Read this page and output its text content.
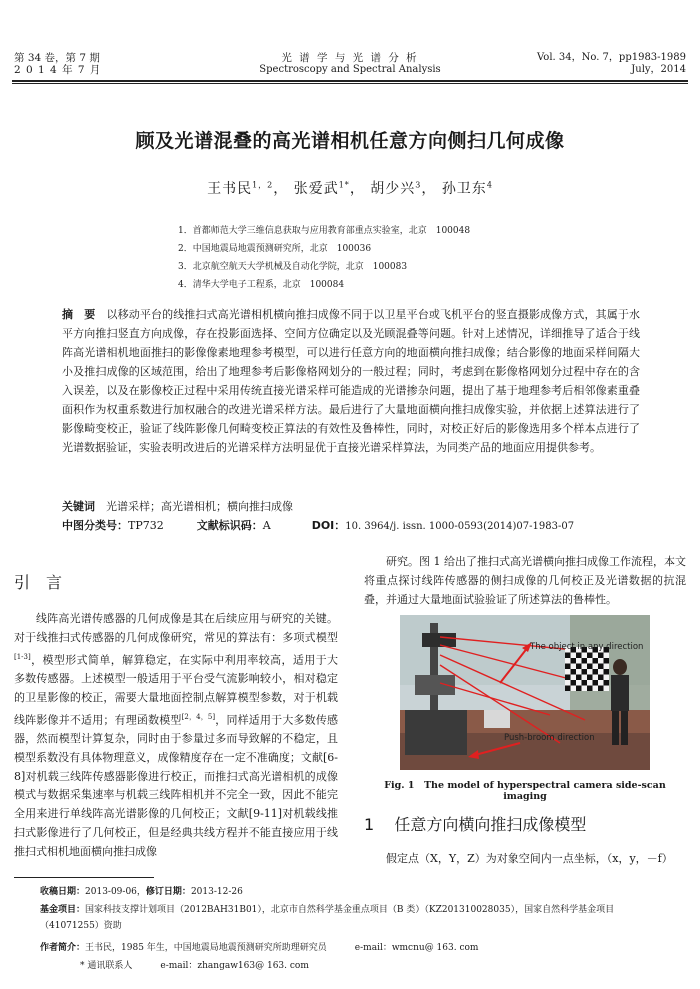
第 34 卷，第 7 期
2 0 1 4 年 7 月
光 谱 学 与 光 谱 分 析
Spectroscopy and Spectral Analysis
Vol. 34，No. 7，pp1983-1989
July，2014
顾及光谱混叠的高光谱相机任意方向侧扫几何成像
王书民$^{1,2}$， 张爱武$^{1*}$， 胡少兴$^3$， 孙卫东$^4$
1．首都师范大学三维信息获取与应用教育部重点实验室，北京　100048
2．中国地震局地震预测研究所，北京　100036
3．北京航空航天大学机械及自动化学院，北京　100083
4．清华大学电子工程系，北京　100084
摘　要　 以移动平台的线推扫式高光谱相机横向推扫成像不同于以卫星平台或飞机平台的竖直摄影成像方式，其属于水平方向推扫竖直方向成像，存在投影面选择、空间方位确定以及光顾混叠等问题。针对上述情况，详细推导了适合于线阵高光谱相机地面推扫的影像像素地理参考模型，可以进行任意方向的地面横向推扫成像；结合影像的地面采样间隔大小及推扫成像的区域范围，给出了地理参考后影像格网划分的一般过程；同时，考虑到在影像格网划分过程中存在的含入误差，以及在影像校正过程中采用传统直接光谱采样可能造成的光谱掺杂问题，提出了基于地理参考后相邻像素重叠面积作为权重系数进行加权融合的改进光谱采样方法。最后进行了大量地面横向推扫成像实验，并依据上述算法进行了影像畸变校正，验证了线阵影像几何畸变校正算法的有效性及鲁棒性，同时，对校正好后的影像选用多个样本点进行了光谱数据验证，实验表明改进后的光谱采样方法明显优于直接光谱采样算法，为同类产品的地面应用提供参考。
关键词　 光谱采样；高光谱相机；横向推扫成像
中图分类号：TP732	文献标识码：A	DOI：10. 3964/j. issn. 1000-0593(2014)07-1983-07
引　言
线阵高光谱传感器的几何成像是其在后续应用与研究的关键。对于线推扫式传感器的几何成像研究，常见的算法有：多项式模型[1-3]，模型形式简单，解算稳定，在实际中利用率较高，适用于大多数传感器。上述模型一般适用于平台受气流影响较小，相对稳定的卫星影像的校正，需要大量地面控制点解算模型参数，对于机载线阵影像并不适用；有理函数模型[2，4，5]，同样适用于大多数传感器，然而模型计算复杂，同时由于参量过多而导致解的不稳定，且模型系数没有具体物理意义，成像精度存在一定不准确度；文献[6-8]对机载三线阵传感器影像进行校正，而推扫式高光谱相机的成像模式与数据采集速率与机载三线阵相机并不完全一致，因此不能完全用来进行单线阵高光谱影像的几何校正；文献[9-11]对机载线推扫式影像进行了几何校正，但是经典共线方程并不能直接应用于线推扫式相机地面横向推扫成像
研究。图 1 给出了推扫式高光谱横向推扫成像工作流程，本文将重点探讨线阵传感器的侧扫成像的几何校正及光谱数据的抗混叠，并通过大量地面试验验证了所述算法的鲁棒性。
The object in any direction
Push-broom direction
Fig. 1　The model of hyperspectral camera side-scan imaging
1 任意方向横向推扫成像模型
假定点（X，Y，Z）为对象空间内一点坐标，（x，y，－f）
收稿日期：2013-09-06，修订日期：2013-12-26
基金项目：国家科技支撑计划项目（2012BAH31B01），北京市自然科学基金重点项目（B 类）（KZ201310028035），国家自然科学基金项目（41071255）资助
作者简介：王书民，1985 年生，中国地震局地震预测研究所助理研究员	e-mail：wmcnu@ 163. com
* 通讯联系人	e-mail：zhangaw163@ 163. com
